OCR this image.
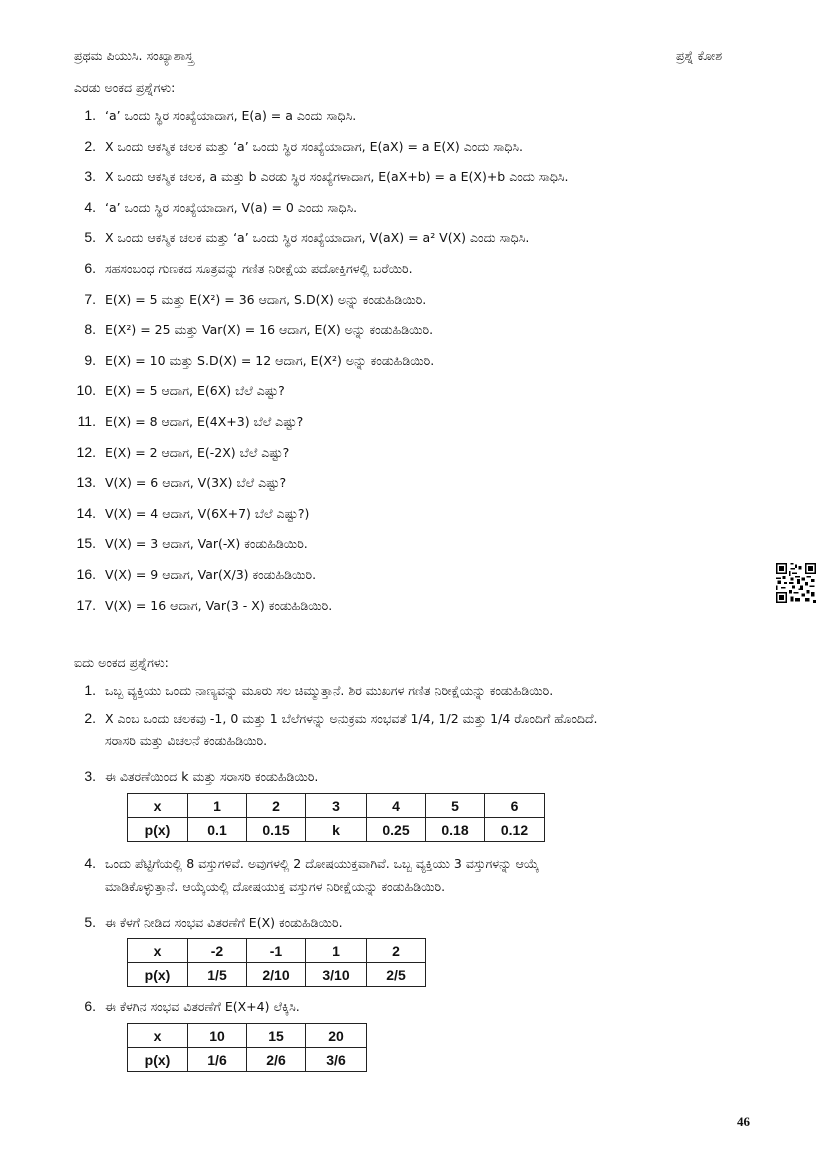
ಪ್ರಥಮ ಪಿಯುಸಿ. ಸಂಖ್ಯಾಶಾಸ್ತ್ರ	ಪ್ರಶ್ನೆ ಕೋಶ
ಎರಡು ಅಂಕದ ಪ್ರಶ್ನೆಗಳು:
1. ‘a’ ಒಂದು ಸ್ಥಿರ ಸಂಖ್ಯೆಯಾದಾಗ, E(a) = a ಎಂದು ಸಾಧಿಸಿ.
2. X ಒಂದು ಆಕಸ್ಮಿಕ ಚಲಕ ಮತ್ತು ‘a’ ಒಂದು ಸ್ಥಿರ ಸಂಖ್ಯೆಯಾದಾಗ, E(aX) = a E(X) ಎಂದು ಸಾಧಿಸಿ.
3. X ಒಂದು ಆಕಸ್ಮಿಕ ಚಲಕ, a ಮತ್ತು b ಎರಡು ಸ್ಥಿರ ಸಂಖ್ಯೆಗಳಾದಾಗ, E(aX+b) = a E(X)+b ಎಂದು ಸಾಧಿಸಿ.
4. ‘a’ ಒಂದು ಸ್ಥಿರ ಸಂಖ್ಯೆಯಾದಾಗ, V(a) = 0 ಎಂದು ಸಾಧಿಸಿ.
5. X ಒಂದು ಆಕಸ್ಮಿಕ ಚಲಕ ಮತ್ತು ‘a’ ಒಂದು ಸ್ಥಿರ ಸಂಖ್ಯೆಯಾದಾಗ, V(aX) = a² V(X) ಎಂದು ಸಾಧಿಸಿ.
6. ಸಹಸಂಬಂಧ ಗುಣಕದ ಸೂತ್ರವನ್ನು ಗಣಿತ ನಿರೀಕ್ಷೆಯ ಪದೋಕ್ತಿಗಳಲ್ಲಿ ಬರೆಯಿರಿ.
7. E(X) = 5 ಮತ್ತು E(X²) = 36 ಆದಾಗ, S.D(X) ಅನ್ನು ಕಂಡುಹಿಡಿಯಿರಿ.
8. E(X²) = 25 ಮತ್ತು Var(X) = 16 ಆದಾಗ, E(X) ಅನ್ನು ಕಂಡುಹಿಡಿಯಿರಿ.
9. E(X) = 10 ಮತ್ತು S.D(X) = 12 ಆದಾಗ, E(X²) ಅನ್ನು ಕಂಡುಹಿಡಿಯಿರಿ.
10. E(X) = 5 ಆದಾಗ, E(6X) ಬೆಲೆ ಎಷ್ಟು?
11. E(X) = 8 ಆದಾಗ, E(4X+3) ಬೆಲೆ ಎಷ್ಟು?
12. E(X) = 2 ಆದಾಗ, E(-2X) ಬೆಲೆ ಎಷ್ಟು?
13. V(X) = 6 ಆದಾಗ, V(3X) ಬೆಲೆ ಎಷ್ಟು?
14. V(X) = 4 ಆದಾಗ, V(6X+7) ಬೆಲೆ ಎಷ್ಟು?)
15. V(X) = 3 ಆದಾಗ, Var(-X) ಕಂಡುಹಿಡಿಯಿರಿ.
16. V(X) = 9 ಆದಾಗ, Var(X/3) ಕಂಡುಹಿಡಿಯಿರಿ.
17. V(X) = 16 ಆದಾಗ, Var(3 - X) ಕಂಡುಹಿಡಿಯಿರಿ.
ಐದು ಅಂಕದ ಪ್ರಶ್ನೆಗಳು:
1. ಒಬ್ಬ ವ್ಯಕ್ತಿಯು ಒಂದು ನಾಣ್ಯವನ್ನು ಮೂರು ಸಲ ಚಿಮ್ಮುತ್ತಾನೆ. ಶಿರ ಮುಖಗಳ ಗಣಿತ ನಿರೀಕ್ಷೆಯನ್ನು ಕಂಡುಹಿಡಿಯಿರಿ.
2. X ಎಂಬ ಒಂದು ಚಲಕವು -1, 0 ಮತ್ತು 1 ಬೆಲೆಗಳನ್ನು ಅನುಕ್ರಮ ಸಂಭವತೆ 1/4, 1/2 ಮತ್ತು 1/4 ರೊಂದಿಗೆ ಹೊಂದಿದೆ.
ಸರಾಸರಿ ಮತ್ತು ವಿಚಲನೆ ಕಂಡುಹಿಡಿಯಿರಿ.
3. ಈ ವಿತರಣೆಯಿಂದ k ಮತ್ತು ಸರಾಸರಿ ಕಂಡುಹಿಡಿಯಿರಿ.
x	1	2	3	4	5	6
p(x)	0.1	0.15	k	0.25	0.18	0.12
4. ಒಂದು ಪೆಟ್ಟಿಗೆಯಲ್ಲಿ 8 ವಸ್ತುಗಳಿವೆ. ಅವುಗಳಲ್ಲಿ 2 ದೋಷಯುಕ್ತವಾಗಿವೆ. ಒಬ್ಬ ವ್ಯಕ್ತಿಯು 3 ವಸ್ತುಗಳನ್ನು ಆಯ್ಕೆ
ಮಾಡಿಕೊಳ್ಳುತ್ತಾನೆ. ಆಯ್ಕೆಯಲ್ಲಿ ದೋಷಯುಕ್ತ ವಸ್ತುಗಳ ನಿರೀಕ್ಷೆಯನ್ನು ಕಂಡುಹಿಡಿಯಿರಿ.
5. ಈ ಕೆಳಗೆ ನೀಡಿದ ಸಂಭವ ವಿತರಣೆಗೆ E(X) ಕಂಡುಹಿಡಿಯಿರಿ.
x	-2	-1	1	2
p(x)	1/5	2/10	3/10	2/5
6. ಈ ಕೆಳಗಿನ ಸಂಭವ ವಿತರಣೆಗೆ E(X+4) ಲೆಕ್ಕಿಸಿ.
x	10	15	20
p(x)	1/6	2/6	3/6
46
